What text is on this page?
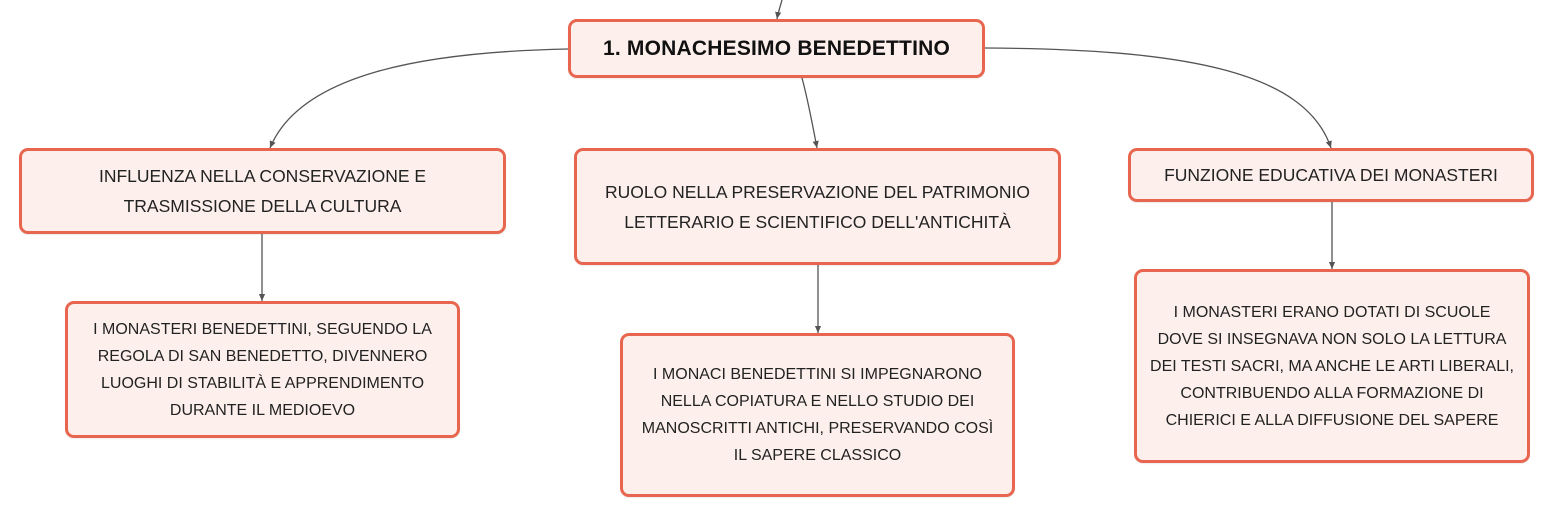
1. MONACHESIMO BENEDETTINO
INFLUENZA NELLA CONSERVAZIONE E
TRASMISSIONE DELLA CULTURA
RUOLO NELLA PRESERVAZIONE DEL PATRIMONIO
LETTERARIO E SCIENTIFICO DELL'ANTICHITÀ
FUNZIONE EDUCATIVA DEI MONASTERI
I MONASTERI BENEDETTINI, SEGUENDO LA
REGOLA DI SAN BENEDETTO, DIVENNERO
LUOGHI DI STABILITÀ E APPRENDIMENTO
DURANTE IL MEDIOEVO
I MONACI BENEDETTINI SI IMPEGNARONO
NELLA COPIATURA E NELLO STUDIO DEI
MANOSCRITTI ANTICHI, PRESERVANDO COSÌ
IL SAPERE CLASSICO
I MONASTERI ERANO DOTATI DI SCUOLE
DOVE SI INSEGNAVA NON SOLO LA LETTURA
DEI TESTI SACRI, MA ANCHE LE ARTI LIBERALI,
CONTRIBUENDO ALLA FORMAZIONE DI
CHIERICI E ALLA DIFFUSIONE DEL SAPERE
